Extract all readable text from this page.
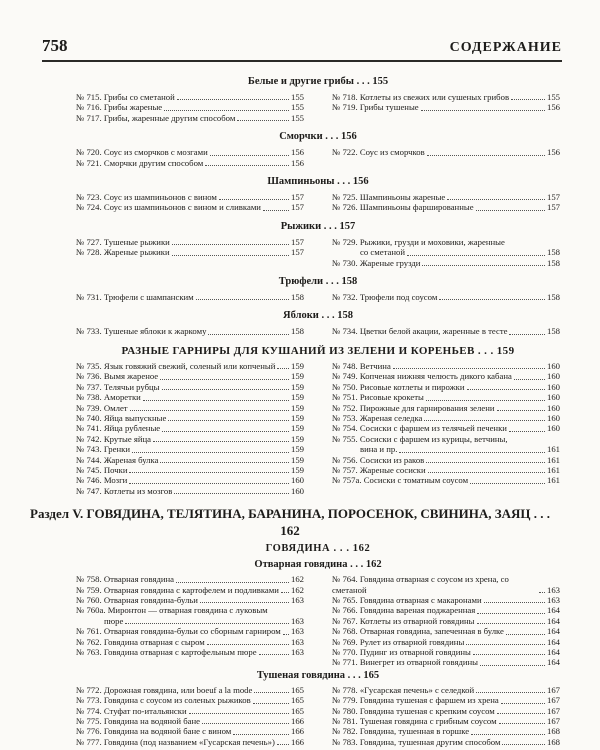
758	СОДЕРЖАНИЕ
Белые и другие грибы . . . 155
№ 715. Грибы со сметаной	155
№ 716. Грибы жареные	155
№ 717. Грибы, жаренные другим способом	155
№ 718. Котлеты из свежих или сушеных грибов	155
№ 719. Грибы тушеные	156
Сморчки . . . 156
№ 720. Соус из сморчков с мозгами	156
№ 721. Сморчки другим способом	156
№ 722. Соус из сморчков	156
Шампиньоны . . . 156
№ 723. Соус из шампиньонов с вином	157
№ 724. Соус из шампиньонов с вином и сливками	157
№ 725. Шампиньоны жареные	157
№ 726. Шампиньоны фаршированные	157
Рыжики . . . 157
№ 727. Тушеные рыжики	157
№ 728. Жареные рыжики	157
№ 729. Рыжики, грузди и моховики, жаренные
со сметаной	158
№ 730. Жареные грузди	158
Трюфели . . . 158
№ 731. Трюфели с шампанским	158	№ 732. Трюфели под соусом	158
Яблоки . . . 158
№ 733. Тушеные яблоки к жаркому	158	№ 734. Цветки белой акации, жаренные в тесте	158
РАЗНЫЕ ГАРНИРЫ ДЛЯ КУШАНИЙ ИЗ ЗЕЛЕНИ И КОРЕНЬЕВ . . . 159
№ 735. Язык говяжий свежий, соленый или копченый 159
№ 736. Вымя жареное	159
№ 737. Телячьи рубцы	159
№ 738. Аморетки	159
№ 739. Омлет	159
№ 740. Яйца выпускные	159
№ 741. Яйца рубленые	159
№ 742. Крутые яйца	159
№ 743. Гренки	159
№ 744. Жареная булка	159
№ 745. Почки	159
№ 746. Мозги	160
№ 747. Котлеты из мозгов	160
№ 748. Ветчина	160
№ 749. Копченая нижняя челюсть дикого кабана	160
№ 750. Рисовые котлеты и пирожки	160
№ 751. Рисовые крокеты	160
№ 752. Пирожные для гарнирования зелени	160
№ 753. Жареная селедка	160
№ 754. Сосиски с фаршем из телячьей печенки	160
№ 755. Сосиски с фаршем из курицы, ветчины,
вина и пр.	161
№ 756. Сосиски из раков	161
№ 757. Жареные сосиски	161
№ 757а. Сосиски с томатным соусом	161
Раздел V. ГОВЯДИНА, ТЕЛЯТИНА, БАРАНИНА, ПОРОСЕНОК, СВИНИНА, ЗАЯЦ . . . 162
ГОВЯДИНА . . . 162
Отварная говядина . . . 162
№ 758. Отварная говядина	162
№ 759. Отварная говядина с картофелем и подливками 162
№ 760. Отварная говядина-бульи	163
№ 760а. Миронтон — отварная говядина с луковым
пюре	163
№ 761. Отварная говядина-бульи со сборным гарниром 163
№ 762. Говядина отварная с сыром	163
№ 763. Говядина отварная с картофельным пюре	163
№ 764. Говядина отварная с соусом из хрена, со сметаной	163
№ 765. Говядина отварная с макаронами	163
№ 766. Говядина вареная поджаренная	164
№ 767. Котлеты из отварной говядины	164
№ 768. Отварная говядина, запеченная в булке	164
№ 769. Рулет из отварной говядины	164
№ 770. Пудинг из отварной говядины	164
№ 771. Винегрет из отварной говядины	164
Тушеная говядина . . . 165
№ 772. Дорожная говядина, или boeuf a la mode	165
№ 773. Говядина с соусом из соленых рыжиков	165
№ 774. Стуфат по-итальянски	165
№ 775. Говядина на водяной бане	166
№ 776. Говядина на водяной бане с вином	166
№ 777. Говядина (под названием «Гусарская печень») 166
№ 778. «Гусарская печень» с селедкой	167
№ 779. Говядина тушеная с фаршем из хрена	167
№ 780. Говядина тушеная с крепким соусом	167
№ 781. Тушеная говядина с грибным соусом	167
№ 782. Говядина, тушенная в горшке	168
№ 783. Говядина, тушенная другим способом	168
